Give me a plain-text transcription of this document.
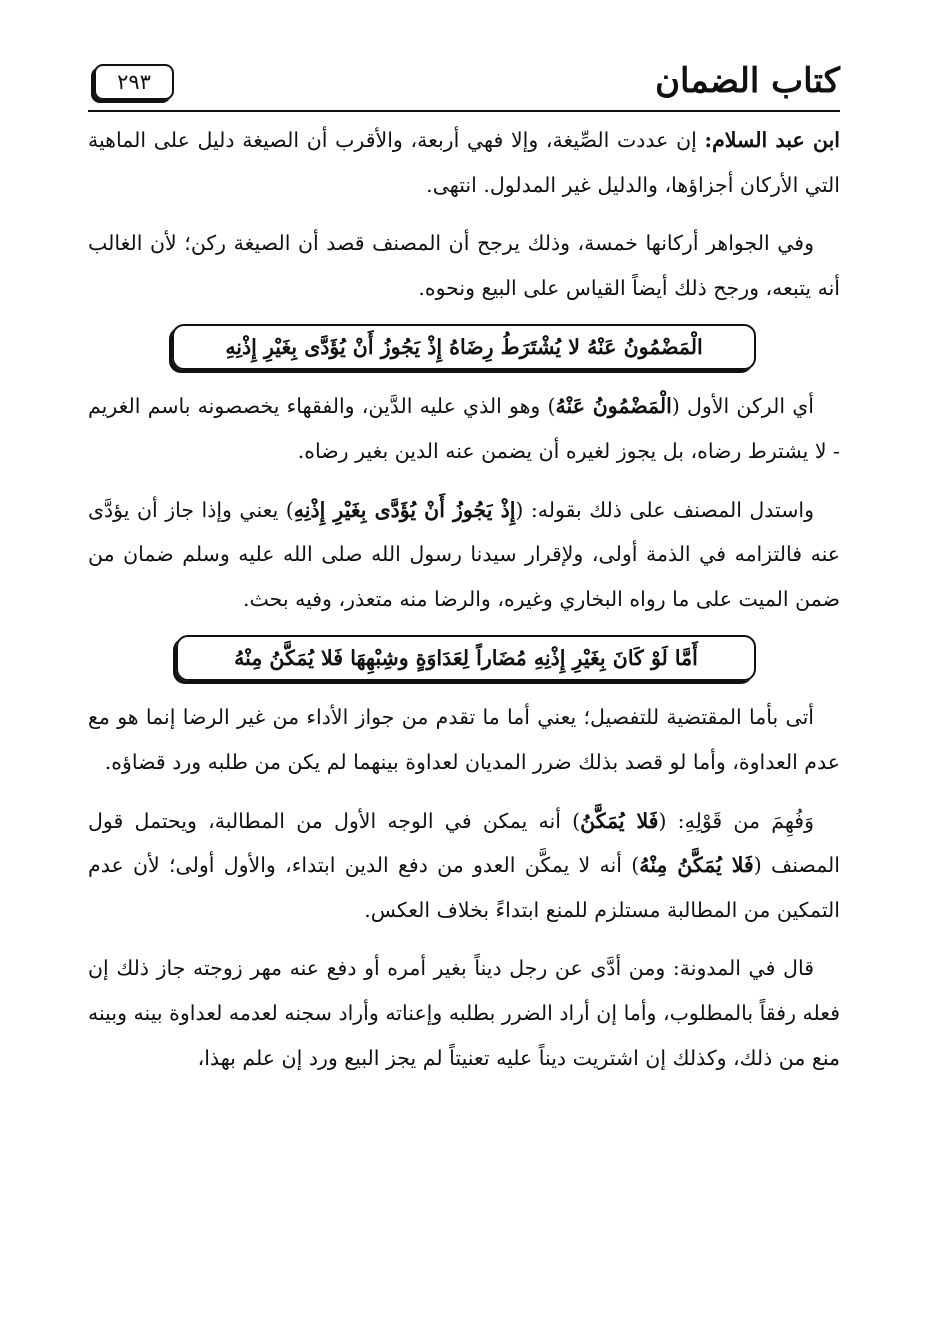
كتاب الضمان
٢٩٣

ابن عبد السلام: إن عددت الصِّيغة، وإلا فهي أربعة، والأقرب أن الصيغة دليل على الماهية التي الأركان أجزاؤها، والدليل غير المدلول. انتهى.

وفي الجواهر أركانها خمسة، وذلك يرجح أن المصنف قصد أن الصيغة ركن؛ لأن الغالب أنه يتبعه، ورجح ذلك أيضاً القياس على البيع ونحوه.

الْمَضْمُونُ عَنْهُ لا يُشْتَرَطُ رِضَاهُ إِذْ يَجُوزُ أَنْ يُؤَدَّى بِغَيْرِ إِذْنِهِ

أي الركن الأول (الْمَضْمُونُ عَنْهُ) وهو الذي عليه الدَّين، والفقهاء يخصصونه باسم الغريم - لا يشترط رضاه، بل يجوز لغيره أن يضمن عنه الدين بغير رضاه.

واستدل المصنف على ذلك بقوله: (إِذْ يَجُوزُ أَنْ يُؤَدَّى بِغَيْرِ إِذْنِهِ) يعني وإذا جاز أن يؤدَّى عنه فالتزامه في الذمة أولى، ولإقرار سيدنا رسول الله صلى الله عليه وسلم ضمان من ضمن الميت على ما رواه البخاري وغيره، والرضا منه متعذر، وفيه بحث.

أَمَّا لَوْ كَانَ بِغَيْرِ إِذْنِهِ مُضَاراً لِعَدَاوَةٍ وشِبْهِهَا فَلا يُمَكَّنُ مِنْهُ

أتى بأما المقتضية للتفصيل؛ يعني أما ما تقدم من جواز الأداء من غير الرضا إنما هو مع عدم العداوة، وأما لو قصد بذلك ضرر المديان لعداوة بينهما لم يكن من طلبه ورد قضاؤه.

وَفُهِمَ من قَوْلِهِ: (فَلا يُمَكَّنُ) أنه يمكن في الوجه الأول من المطالبة، ويحتمل قول المصنف (فَلا يُمَكَّنُ مِنْهُ) أنه لا يمكَّن العدو من دفع الدين ابتداء، والأول أولى؛ لأن عدم التمكين من المطالبة مستلزم للمنع ابتداءً بخلاف العكس.

قال في المدونة: ومن أدَّى عن رجل ديناً بغير أمره أو دفع عنه مهر زوجته جاز ذلك إن فعله رفقاً بالمطلوب، وأما إن أراد الضرر بطلبه وإعناته وأراد سجنه لعدمه لعداوة بينه وبينه منع من ذلك، وكذلك إن اشتريت ديناً عليه تعنيتاً لم يجز البيع ورد إن علم بهذا،
